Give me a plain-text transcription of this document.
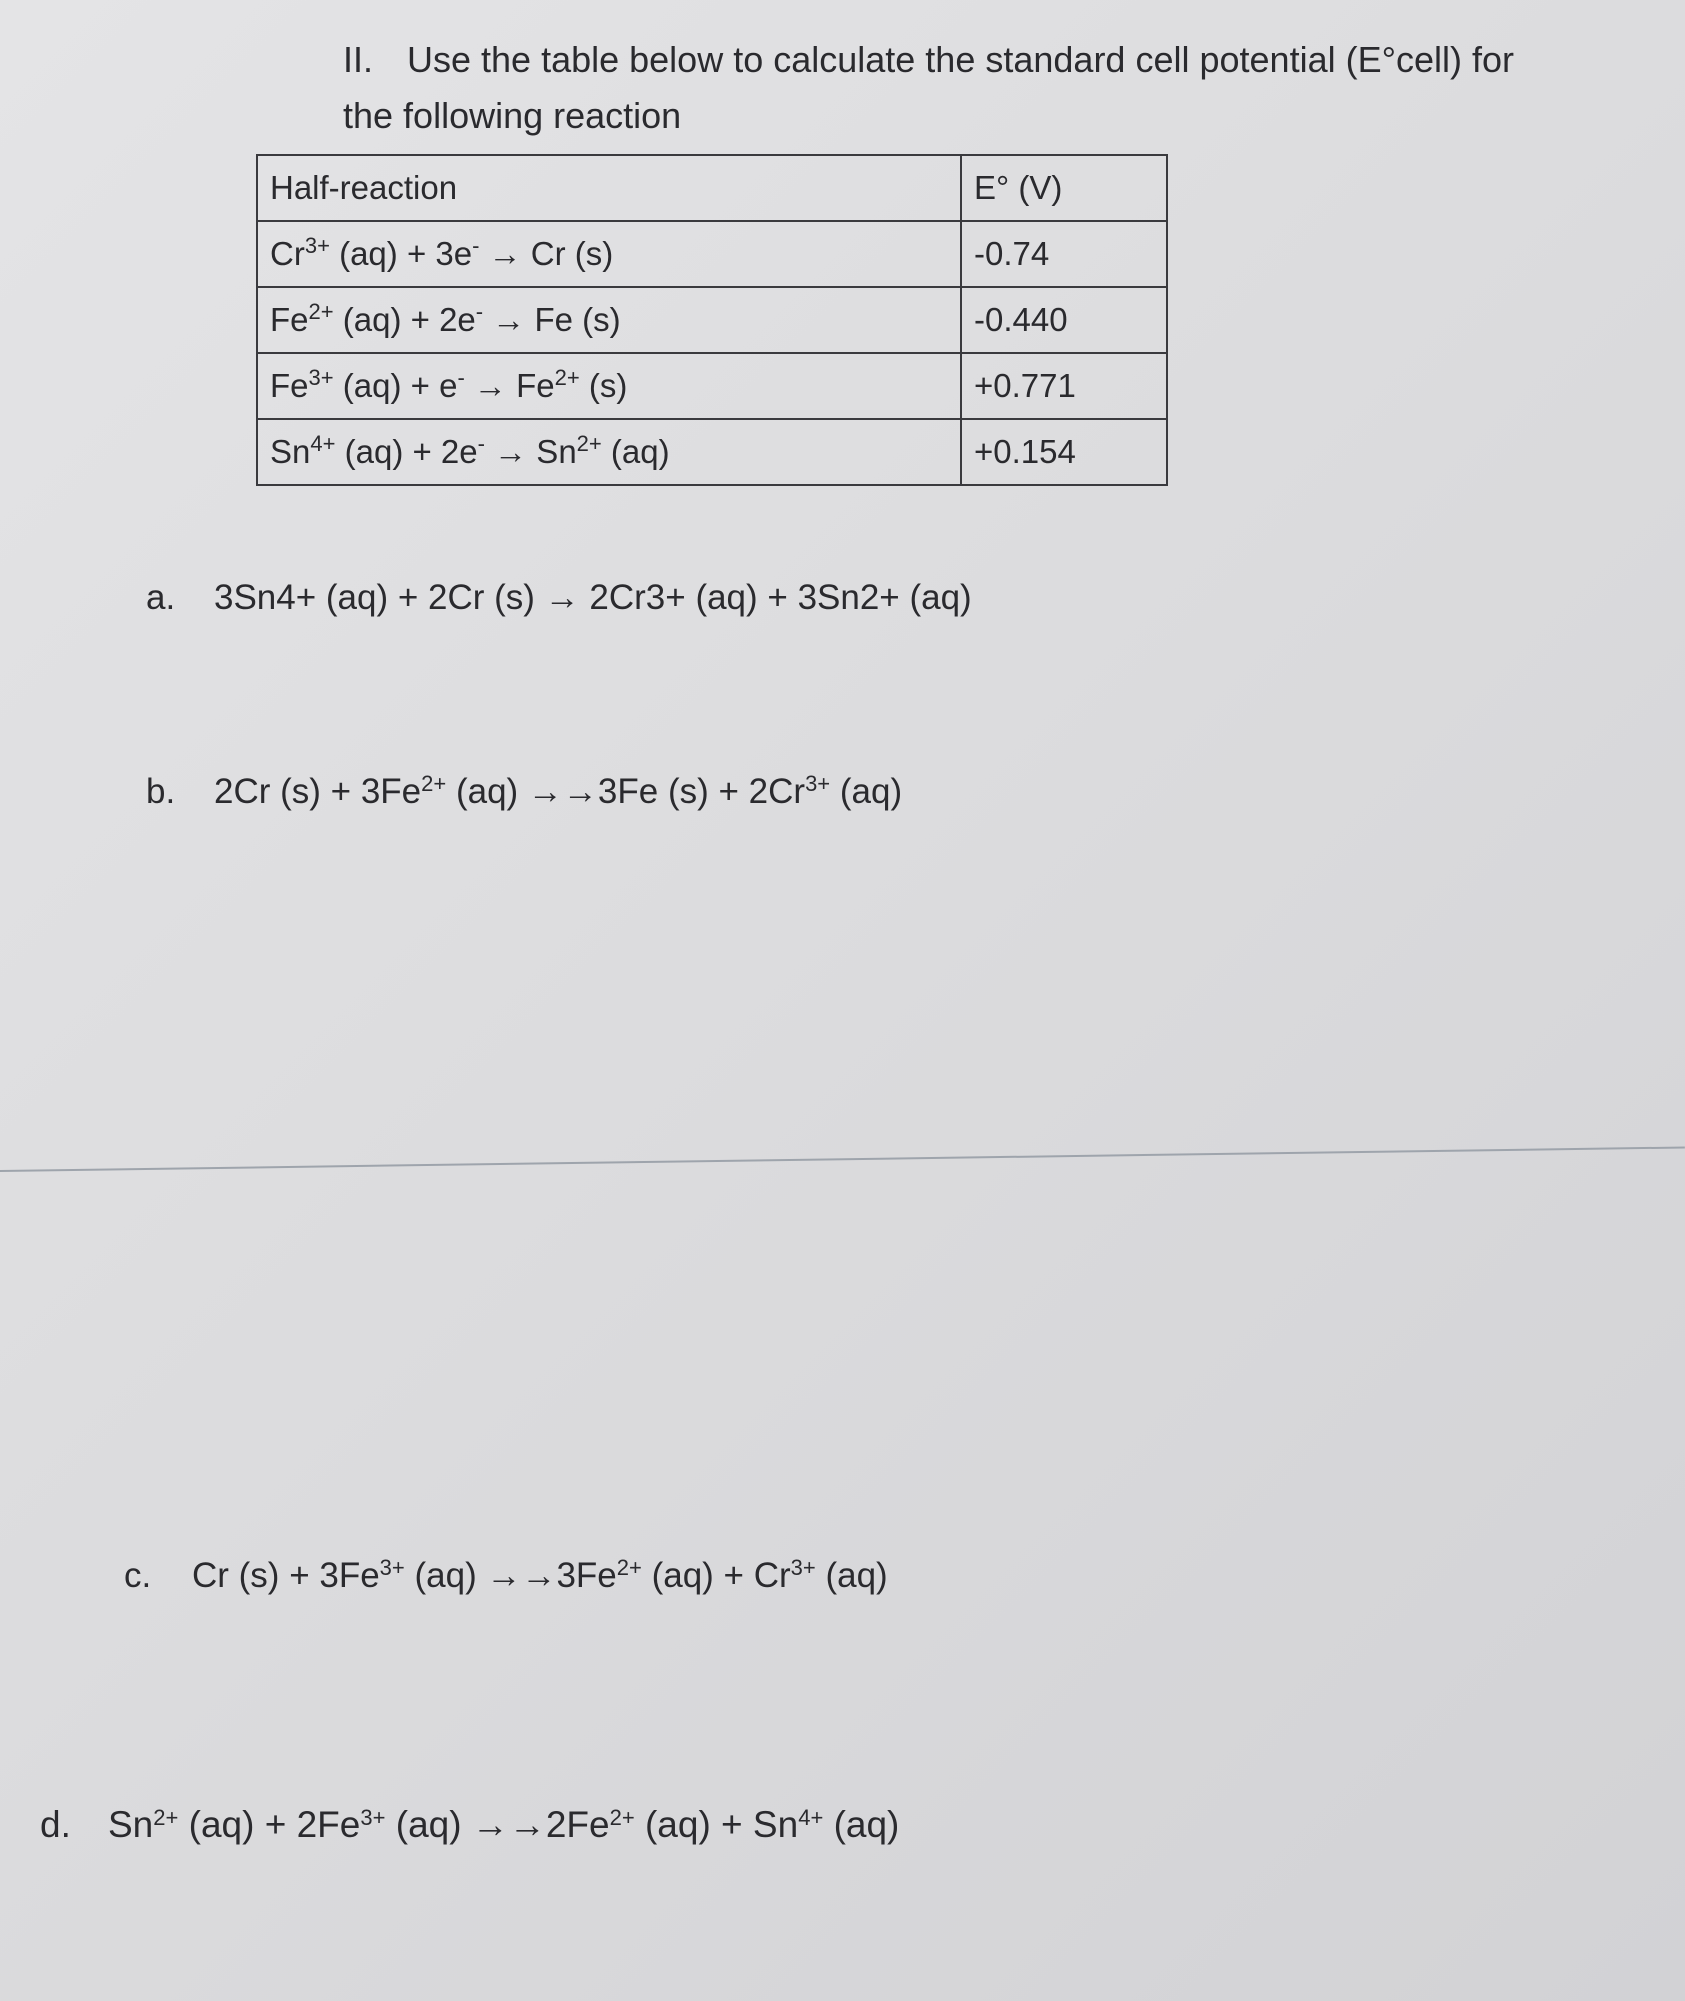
II. Use the table below to calculate the standard cell potential (E°cell) for
the following reaction
Half-reaction	E° (V)
$Cr^{3+}$ (aq) + 3e- → Cr (s)	-0.74
$Fe^{2+}$ (aq) + 2e- → Fe (s)	-0.440
$Fe^{3+}$ $(aq) + e^- \to Fe^{2+}$ (s)	+0.771
$Sn^{4+}$ $(aq) + 2e^- \to Sn^{2+}$ (aq)	+0.154
a. 3Sn4+ (aq) + 2Cr (s) → 2Cr3+ (aq) + 3Sn2+ (aq)
b. 2Cr $(s) + 3Fe^{2+}$ (aq) →→3Fe $(s) + 2Cr^{3+}$ (aq)
c. Cr $(s) + 3Fe^{3+}$ $(aq) \to\to 3Fe^{2+}$ $(aq) + Cr^{3+}$ (aq)
d. $Sn^{2+}$ $(aq) + 2Fe^{3+}$ $(aq) \to\to 2Fe^{2+}$ $(aq) + Sn^{4+}$ (aq)
